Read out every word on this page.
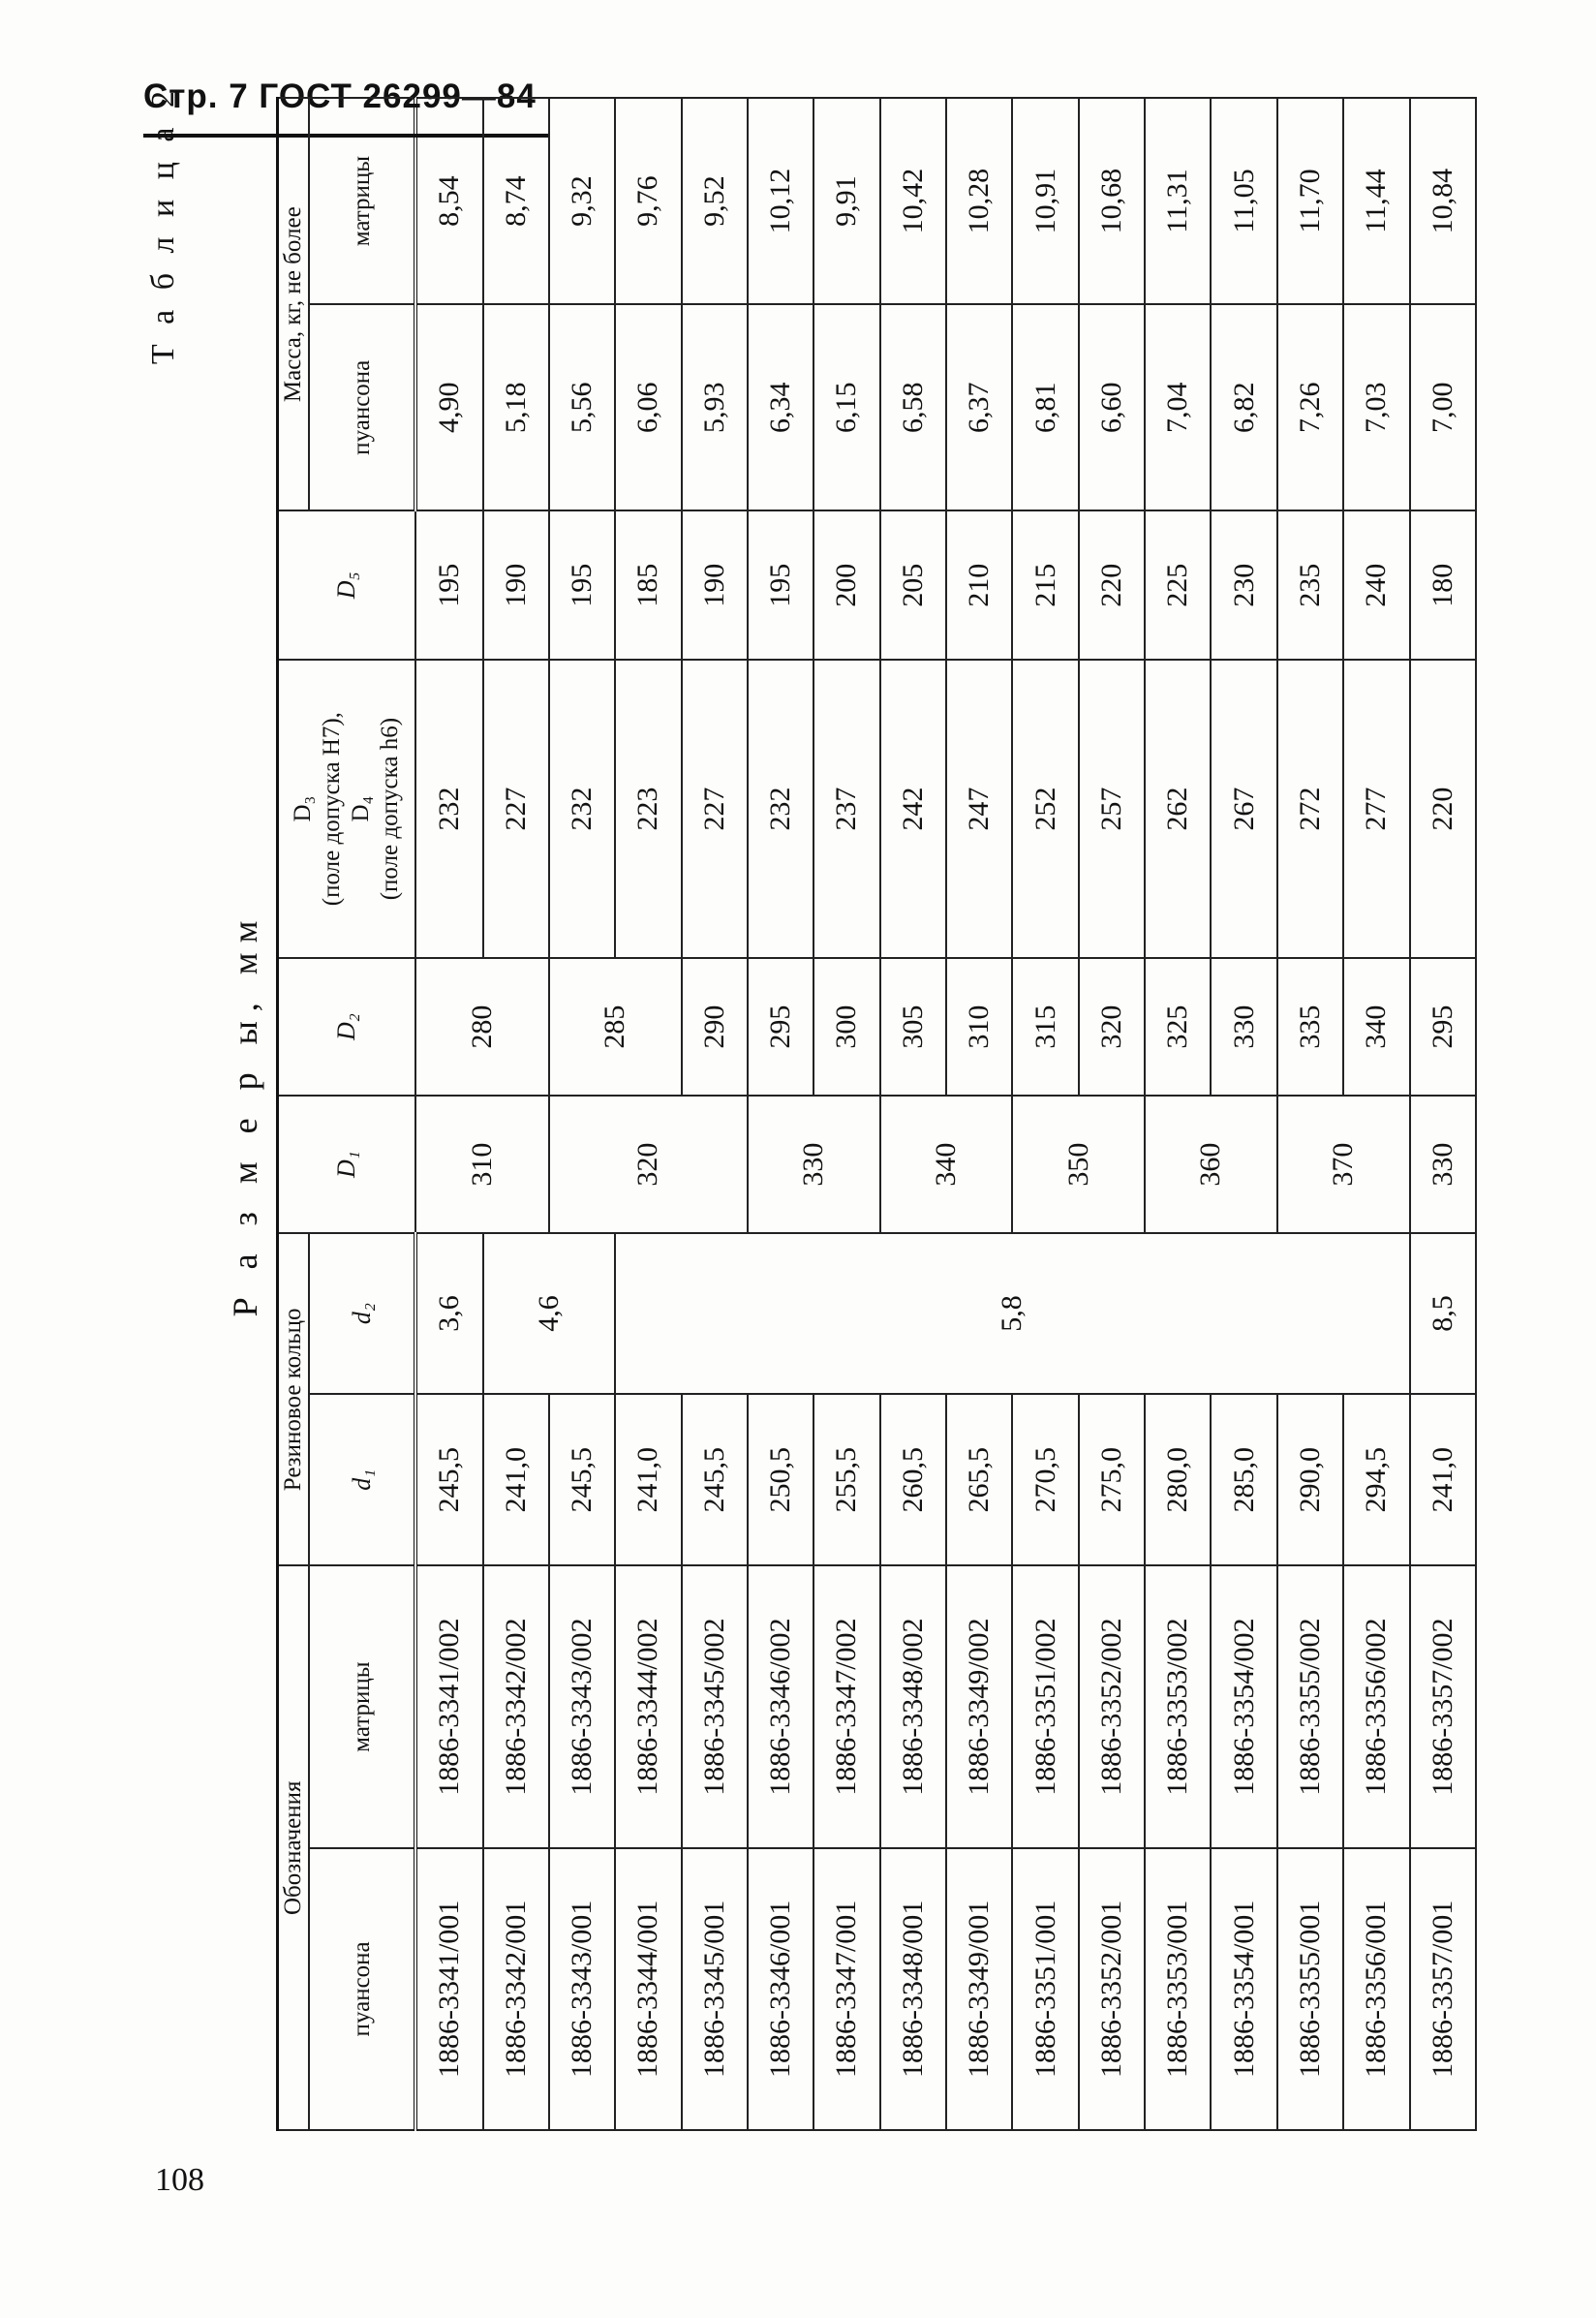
Стр. 7 ГОСТ 26299—84
Т а б л и ц а 2
Р а з м е р ы, мм
Обозначения		Резиновое кольцо		D₁	D₂	D₃ (поле допуска H7), D₄ (поле допуска h6)	D₅	Масса, кг, не более	
пуансона	матрицы	d₁	d₂					пуансона	матрицы
1886-3341/001	1886-3341/002	245,5	3,6	310	280	232	195	4,90	8,54
1886-3342/001	1886-3342/002	241,0	4,6			227	190	5,18	8,74
1886-3343/001	1886-3343/002	245,5		320	285	232	195	5,56	9,32
1886-3344/001	1886-3344/002	241,0	5,8			223	185	6,06	9,76
1886-3345/001	1886-3345/002	245,5			290	227	190	5,93	9,52
1886-3346/001	1886-3346/002	250,5		330	295	232	195	6,34	10,12
1886-3347/001	1886-3347/002	255,5			300	237	200	6,15	9,91
1886-3348/001	1886-3348/002	260,5		340	305	242	205	6,58	10,42
1886-3349/001	1886-3349/002	265,5			310	247	210	6,37	10,28
1886-3351/001	1886-3351/002	270,5		350	315	252	215	6,81	10,91
1886-3352/001	1886-3352/002	275,0			320	257	220	6,60	10,68
1886-3353/001	1886-3353/002	280,0		360	325	262	225	7,04	11,31
1886-3354/001	1886-3354/002	285,0			330	267	230	6,82	11,05
1886-3355/001	1886-3355/002	290,0		370	335	272	235	7,26	11,70
1886-3356/001	1886-3356/002	294,5			340	277	240	7,03	11,44
1886-3357/001	1886-3357/002	241,0	8,5	330	295	220	180	7,00	10,84
108
